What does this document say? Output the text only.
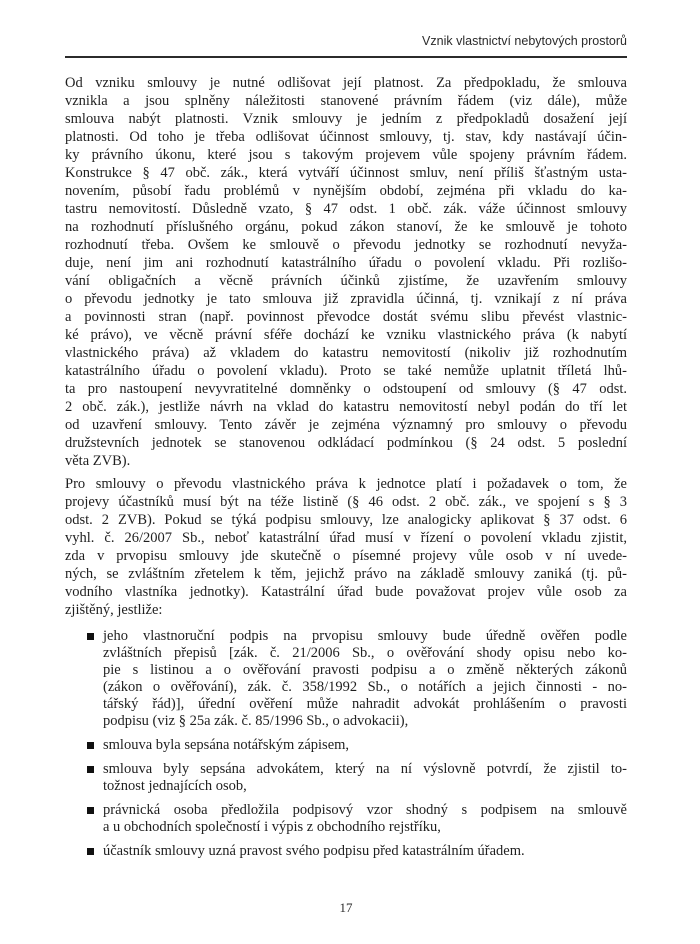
Vznik vlastnictví nebytových prostorů

Od vzniku smlouvy je nutné odlišovat její platnost. Za předpokladu, že smlouva
vznikla a jsou splněny náležitosti stanovené právním řádem (viz dále), může
smlouva nabýt platnosti. Vznik smlouvy je jedním z předpokladů dosažení její
platnosti. Od toho je třeba odlišovat účinnost smlouvy, tj. stav, kdy nastávají účin-
ky právního úkonu, které jsou s takovým projevem vůle spojeny právním řádem.
Konstrukce § 47 obč. zák., která vytváří účinnost smluv, není příliš šťastným usta-
novením, působí řadu problémů v nynějším období, zejména při vkladu do ka-
tastru nemovitostí. Důsledně vzato, § 47 odst. 1 obč. zák. váže účinnost smlouvy
na rozhodnutí příslušného orgánu, pokud zákon stanoví, že ke smlouvě je tohoto
rozhodnutí třeba. Ovšem ke smlouvě o převodu jednotky se rozhodnutí nevyža-
duje, není jim ani rozhodnutí katastrálního úřadu o povolení vkladu. Při rozlišo-
vání obligačních a věcně právních účinků zjistíme, že uzavřením smlouvy
o převodu jednotky je tato smlouva již zpravidla účinná, tj. vznikají z ní práva
a povinnosti stran (např. povinnost převodce dostát svému slibu převést vlastnic-
ké právo), ve věcně právní sféře dochází ke vzniku vlastnického práva (k nabytí
vlastnického práva) až vkladem do katastru nemovitostí (nikoliv již rozhodnutím
katastrálního úřadu o povolení vkladu). Proto se také nemůže uplatnit tříletá lhů-
ta pro nastoupení nevyvratitelné domněnky o odstoupení od smlouvy (§ 47 odst.
2 obč. zák.), jestliže návrh na vklad do katastru nemovitostí nebyl podán do tří let
od uzavření smlouvy. Tento závěr je zejména významný pro smlouvy o převodu
družstevních jednotek se stanovenou odkládací podmínkou (§ 24 odst. 5 poslední
věta ZVB).

Pro smlouvy o převodu vlastnického práva k jednotce platí i požadavek o tom, že
projevy účastníků musí být na téže listině (§ 46 odst. 2 obč. zák., ve spojení s § 3
odst. 2 ZVB). Pokud se týká podpisu smlouvy, lze analogicky aplikovat § 37 odst. 6
vyhl. č. 26/2007 Sb., neboť katastrální úřad musí v řízení o povolení vkladu zjistit,
zda v prvopisu smlouvy jde skutečně o písemné projevy vůle osob v ní uvede-
ných, se zvláštním zřetelem k těm, jejichž právo na základě smlouvy zaniká (tj. pů-
vodního vlastníka jednotky). Katastrální úřad bude považovat projev vůle osob za
zjištěný, jestliže:

jeho vlastnoruční podpis na prvopisu smlouvy bude úředně ověřen podle
zvláštních přepisů [zák. č. 21/2006 Sb., o ověřování shody opisu nebo ko-
pie s listinou a o ověřování pravosti podpisu a o změně některých zákonů
(zákon o ověřování), zák. č. 358/1992 Sb., o notářích a jejich činnosti - no-
tářský řád)], úřední ověření může nahradit advokát prohlášením o pravosti
podpisu (viz § 25a zák. č. 85/1996 Sb., o advokacii),
smlouva byla sepsána notářským zápisem,
smlouva byly sepsána advokátem, který na ní výslovně potvrdí, že zjistil to-
tožnost jednajících osob,
právnická osoba předložila podpisový vzor shodný s podpisem na smlouvě
a u obchodních společností i výpis z obchodního rejstříku,
účastník smlouvy uzná pravost svého podpisu před katastrálním úřadem.
17
